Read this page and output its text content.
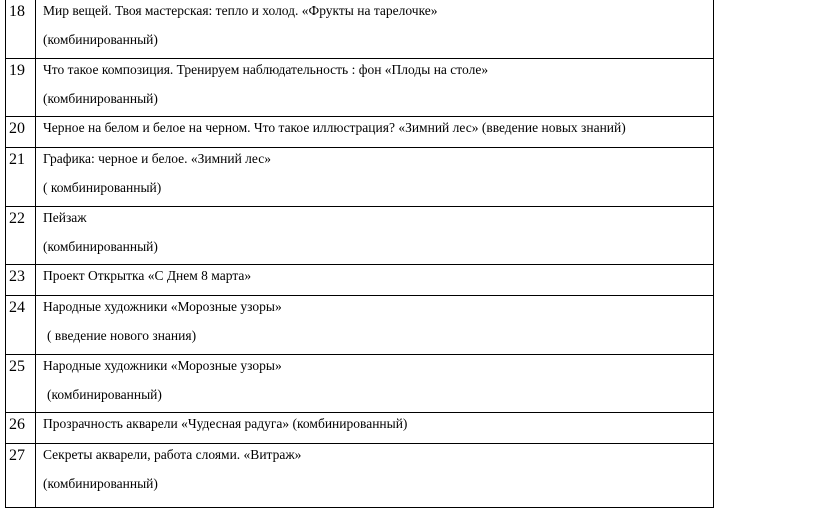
18	Мир вещей. Твоя мастерская: тепло и холод. «Фрукты на тарелочке»
(комбинированный)

19	Что такое композиция. Тренируем наблюдательность : фон «Плоды на столе»
(комбинированный)

20	Черное на белом и белое на черном. Что такое иллюстрация? «Зимний лес» (введение новых знаний)

21	Графика: черное и белое. «Зимний лес»
( комбинированный)

22	Пейзаж
(комбинированный)

23	Проект Открытка «С Днем 8 марта»

24	Народные художники «Морозные узоры»
( введение нового знания)

25	Народные художники «Морозные узоры»
(комбинированный)

26	Прозрачность акварели «Чудесная радуга» (комбинированный)

27	Секреты акварели, работа слоями. «Витраж»
(комбинированный)
